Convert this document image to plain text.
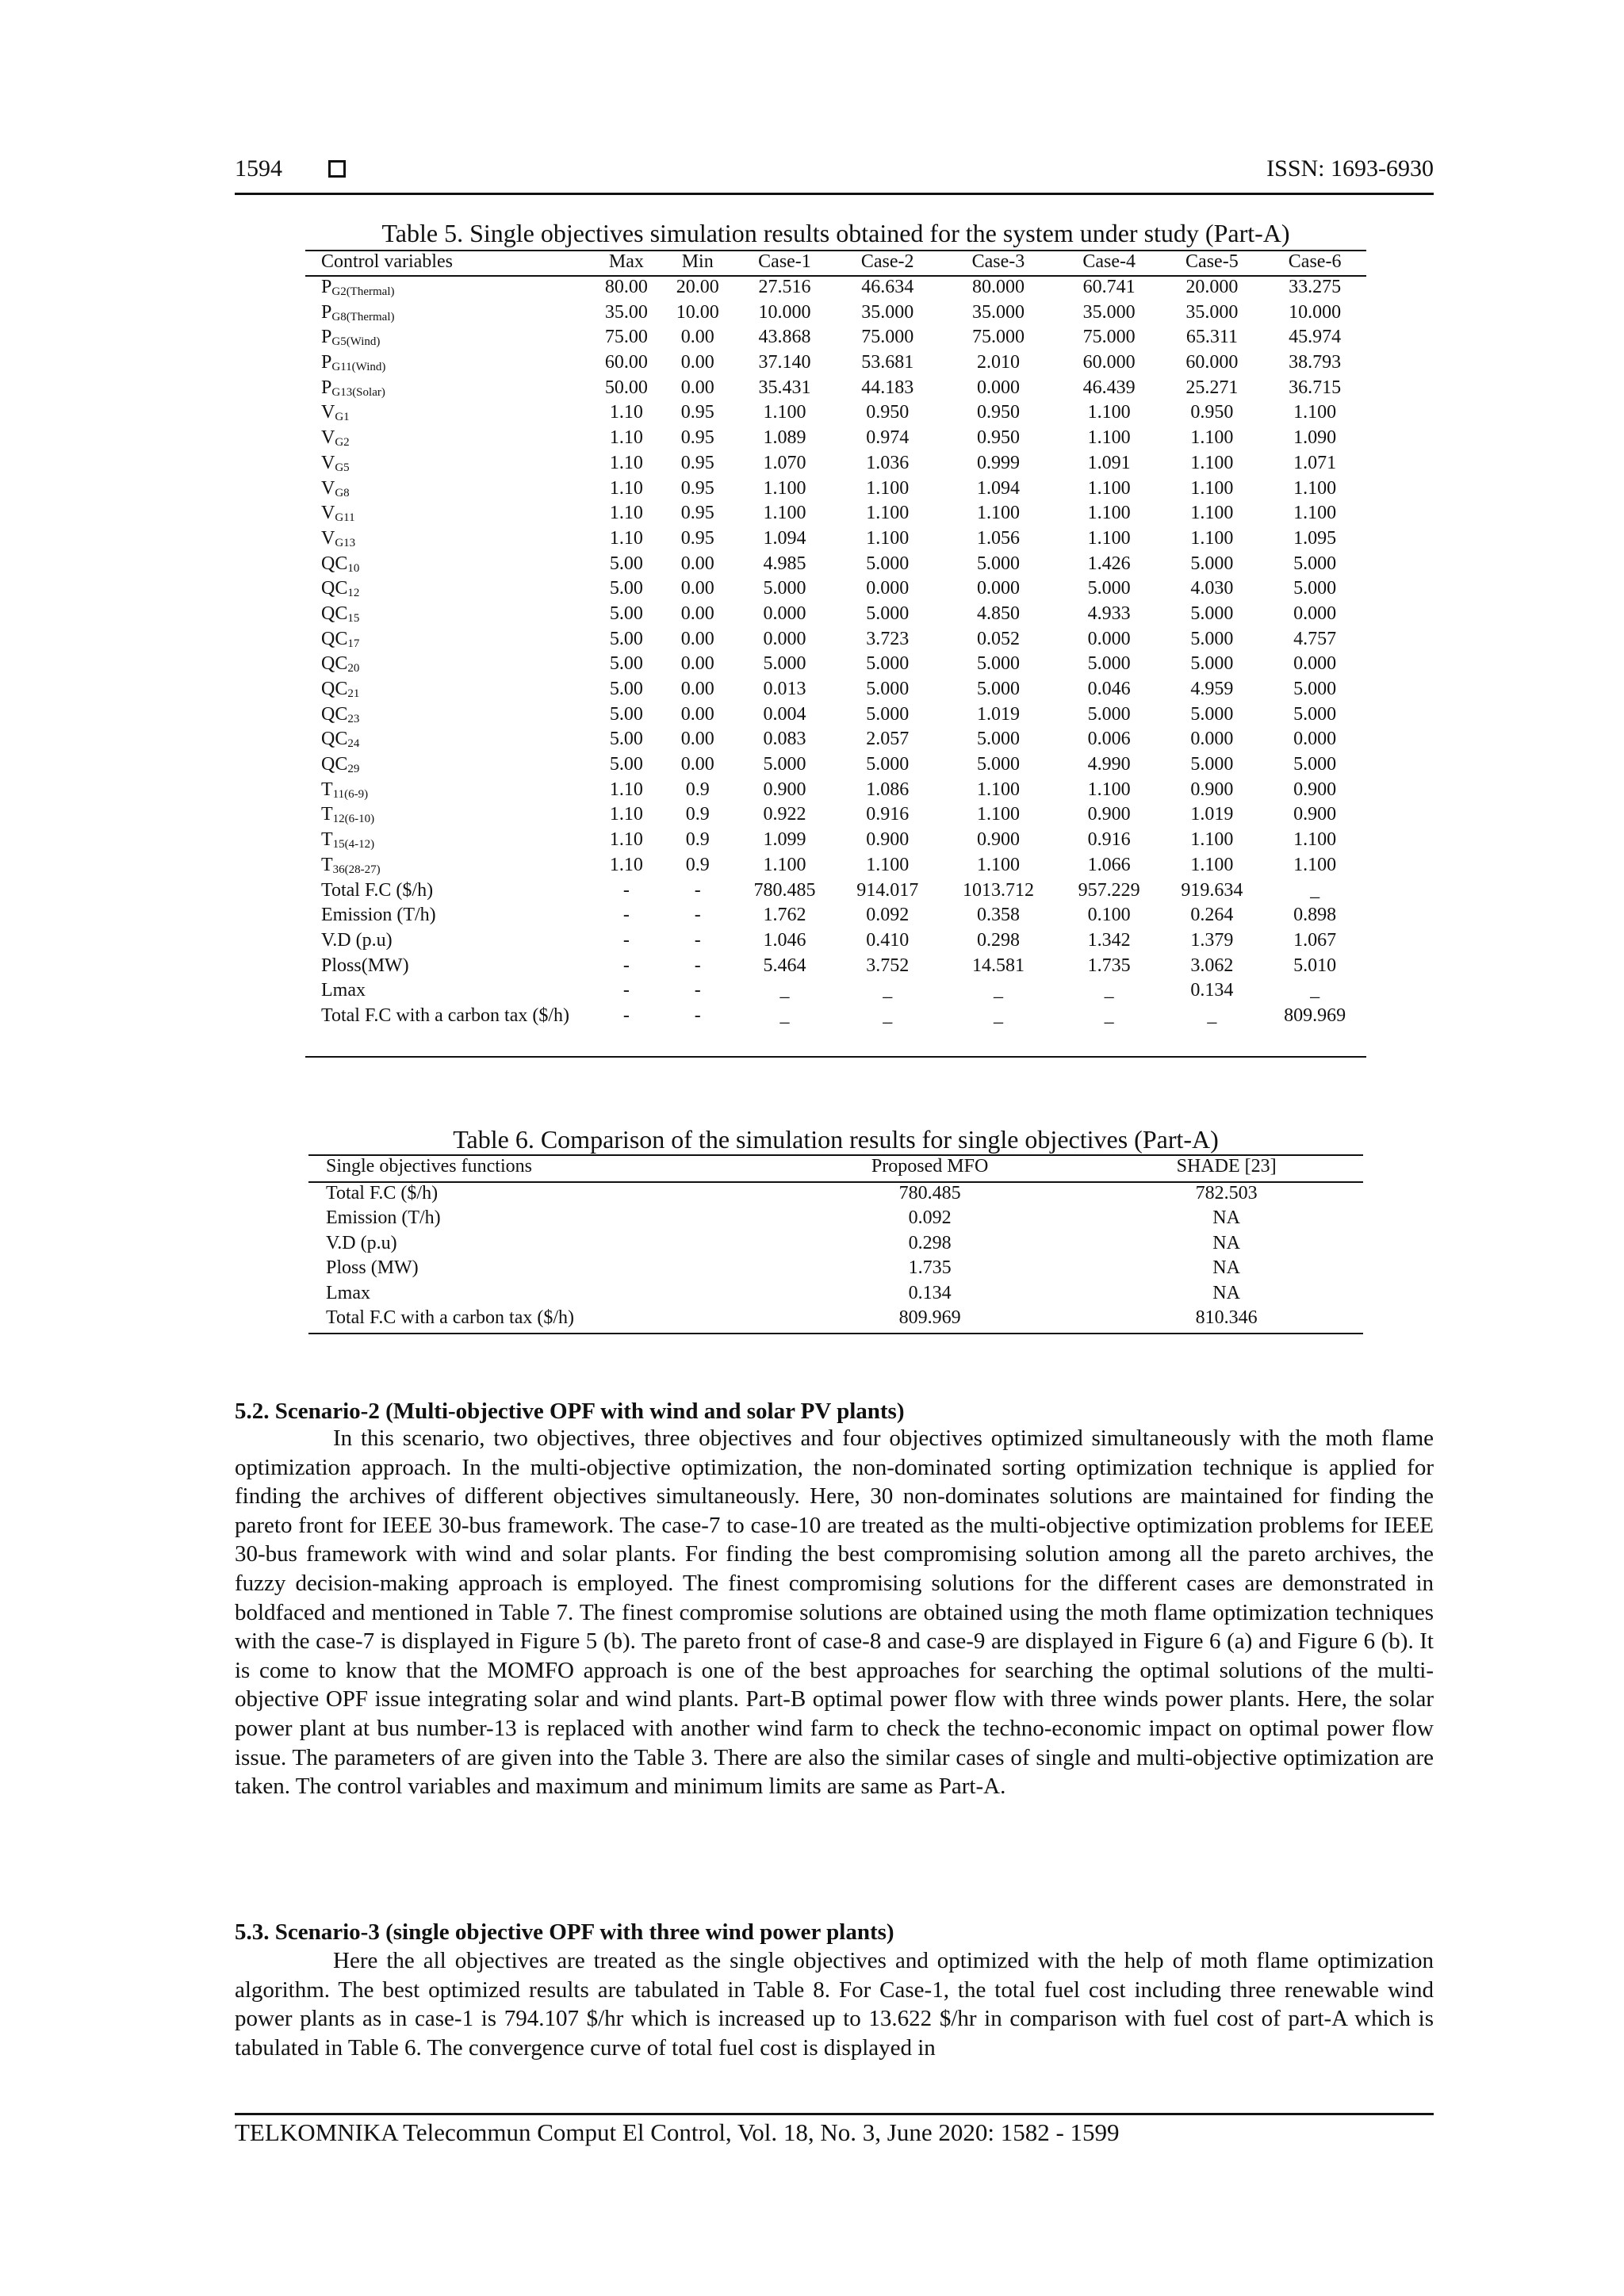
1594	ISSN: 1693-6930
Table 5. Single objectives simulation results obtained for the system under study (Part-A)
Control variables	Max	Min	Case-1	Case-2	Case-3	Case-4	Case-5	Case-6
$P_{G2(Thermal)}$	80.00	20.00	27.516	46.634	80.000	60.741	20.000	33.275
$P_{G8(Thermal)}$	35.00	10.00	10.000	35.000	35.000	35.000	35.000	10.000
$P_{G5(Wind)}$	75.00	0.00	43.868	75.000	75.000	75.000	65.311	45.974
$P_{G11(Wind)}$	60.00	0.00	37.140	53.681	2.010	60.000	60.000	38.793
$P_{G13(Solar)}$	50.00	0.00	35.431	44.183	0.000	46.439	25.271	36.715
$V_{G1}$	1.10	0.95	1.100	0.950	0.950	1.100	0.950	1.100
$V_{G2}$	1.10	0.95	1.089	0.974	0.950	1.100	1.100	1.090
$V_{G5}$	1.10	0.95	1.070	1.036	0.999	1.091	1.100	1.071
$V_{G8}$	1.10	0.95	1.100	1.100	1.094	1.100	1.100	1.100
$V_{G11}$	1.10	0.95	1.100	1.100	1.100	1.100	1.100	1.100
$V_{G13}$	1.10	0.95	1.094	1.100	1.056	1.100	1.100	1.095
$QC_{10}$	5.00	0.00	4.985	5.000	5.000	1.426	5.000	5.000
$QC_{12}$	5.00	0.00	5.000	0.000	0.000	5.000	4.030	5.000
$QC_{15}$	5.00	0.00	0.000	5.000	4.850	4.933	5.000	0.000
$QC_{17}$	5.00	0.00	0.000	3.723	0.052	0.000	5.000	4.757
$QC_{20}$	5.00	0.00	5.000	5.000	5.000	5.000	5.000	0.000
$QC_{21}$	5.00	0.00	0.013	5.000	5.000	0.046	4.959	5.000
$QC_{23}$	5.00	0.00	0.004	5.000	1.019	5.000	5.000	5.000
$QC_{24}$	5.00	0.00	0.083	2.057	5.000	0.006	0.000	0.000
$QC_{29}$	5.00	0.00	5.000	5.000	5.000	4.990	5.000	5.000
$T_{11(6-9)}$	1.10	0.9	0.900	1.086	1.100	1.100	0.900	0.900
$T_{12(6-10)}$	1.10	0.9	0.922	0.916	1.100	0.900	1.019	0.900
$T_{15(4-12)}$	1.10	0.9	1.099	0.900	0.900	0.916	1.100	1.100
$T_{36(28-27)}$	1.10	0.9	1.100	1.100	1.100	1.066	1.100	1.100
Total F.C ($/h)	-	-	780.485	914.017	1013.712	957.229	919.634	_
Emission (T/h)	-	-	1.762	0.092	0.358	0.100	0.264	0.898
V.D (p.u)	-	-	1.046	0.410	0.298	1.342	1.379	1.067
Ploss(MW)	-	-	5.464	3.752	14.581	1.735	3.062	5.010
Lmax	-	-	_	_	_	_	0.134	_
Total F.C with a carbon tax ($/h)	-	-	_	_	_	_	_	809.969
Table 6. Comparison of the simulation results for single objectives (Part-A)
Single objectives functions	Proposed MFO	SHADE [23]
Total F.C ($/h)	780.485	782.503
Emission (T/h)	0.092	NA
V.D (p.u)	0.298	NA
Ploss (MW)	1.735	NA
Lmax	0.134	NA
Total F.C with a carbon tax ($/h)	809.969	810.346
5.2. Scenario-2 (Multi-objective OPF with wind and solar PV plants)
In this scenario, two objectives, three objectives and four objectives optimized simultaneously with the moth flame optimization approach. In the multi-objective optimization, the non-dominated sorting optimization technique is applied for finding the archives of different objectives simultaneously. Here, 30 non-dominates solutions are maintained for finding the pareto front for IEEE 30-bus framework. The case-7 to case-10 are treated as the multi-objective optimization problems for IEEE 30-bus framework with wind and solar plants. For finding the best compromising solution among all the pareto archives, the fuzzy decision-making approach is employed. The finest compromising solutions for the different cases are demonstrated in boldfaced and mentioned in Table 7. The finest compromise solutions are obtained using the moth flame optimization techniques with the case-7 is displayed in Figure 5 (b). The pareto front of case-8 and case-9 are displayed in Figure 6 (a) and Figure 6 (b). It is come to know that the MOMFO approach is one of the best approaches for searching the optimal solutions of the multi-objective OPF issue integrating solar and wind plants. Part-B optimal power flow with three winds power plants. Here, the solar power plant at bus number-13 is replaced with another wind farm to check the techno-economic impact on optimal power flow issue. The parameters of are given into the Table 3. There are also the similar cases of single and multi-objective optimization are taken. The control variables and maximum and minimum limits are same as Part-A.
5.3. Scenario-3 (single objective OPF with three wind power plants)
Here the all objectives are treated as the single objectives and optimized with the help of moth flame optimization algorithm. The best optimized results are tabulated in Table 8. For Case-1, the total fuel cost including three renewable wind power plants as in case-1 is 794.107 $/hr which is increased up to 13.622 $/hr in comparison with fuel cost of part-A which is tabulated in Table 6. The convergence curve of total fuel cost is displayed in
TELKOMNIKA Telecommun Comput El Control, Vol. 18, No. 3, June 2020: 1582 - 1599
